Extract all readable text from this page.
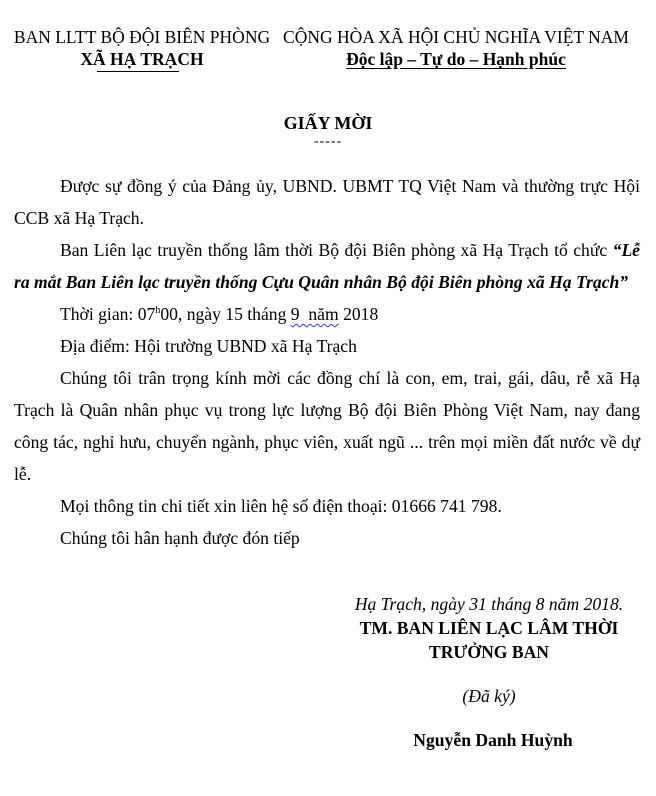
BAN LLTT BỘ ĐỘI BIÊN PHÒNG
XÃ HẠ TRẠCH
CỘNG HÒA XÃ HỘI CHỦ NGHĨA VIỆT NAM
Độc lập – Tự do – Hạnh phúc
GIẤY MỜI
-----

Được sự đồng ý của Đảng ủy, UBND. UBMT TQ Việt Nam và thường trực Hội CCB xã Hạ Trạch.

Ban Liên lạc truyền thống lâm thời Bộ đội Biên phòng xã Hạ Trạch tổ chức “Lễ ra mắt Ban Liên lạc truyền thống Cựu Quân nhân Bộ đội Biên phòng xã Hạ Trạch”

Thời gian: 07$^h$00, ngày 15 tháng 9  năm 2018

Địa điểm: Hội trường UBND xã Hạ Trạch

Chúng tôi trân trọng kính mời các đồng chí là con, em, trai, gái, dâu, rễ xã Hạ Trạch là Quân nhân phục vụ trong lực lượng Bộ đội Biên Phòng Việt Nam, nay đang công tác, nghỉ hưu, chuyển ngành, phục viên, xuất ngũ ... trên mọi miền đất nước về dự lễ.

Mọi thông tin chi tiết xin liên hệ số điện thoại: 01666 741 798.

Chúng tôi hân hạnh được đón tiếp

Hạ Trạch, ngày 31 tháng 8 năm 2018.
TM. BAN LIÊN LẠC LÂM THỜI
TRƯỞNG BAN
(Đã ký)
Nguyễn Danh Huỳnh
